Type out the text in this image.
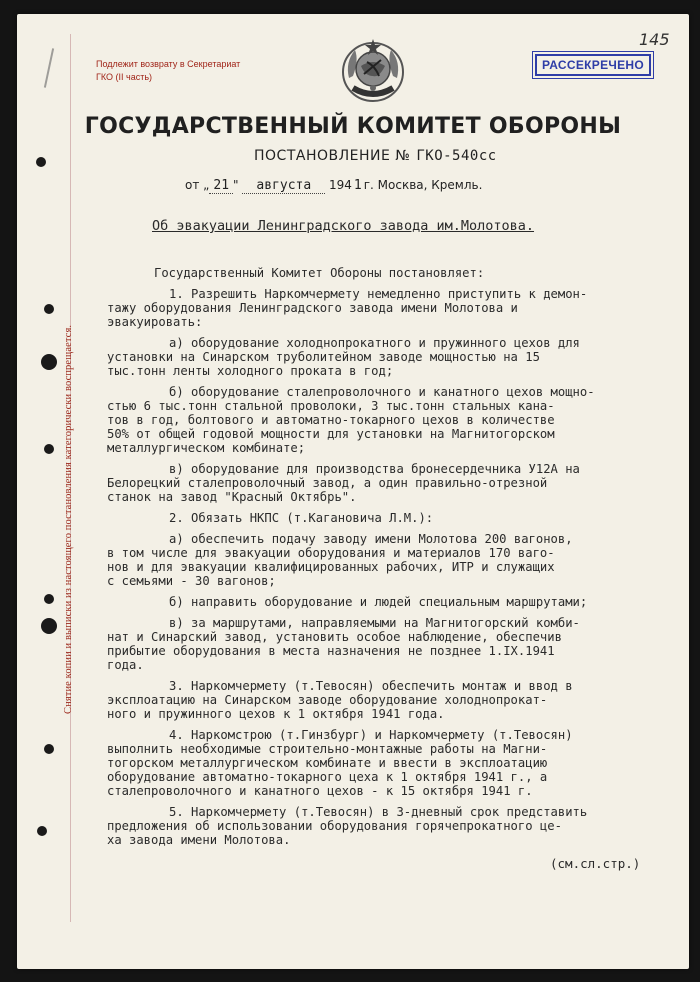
Снятие копии и выписки из настоящего постановления категорически воспрещается.
Подлежит возврату в Секретариат
ГКО (II часть)
РАССЕКРЕЧЕНО
145
ГОСУДАРСТВЕННЫЙ КОМИТЕТ ОБОРОНЫ
ПОСТАНОВЛЕНИЕ № ГКО-540сс
от „ 21 " августа 194 1 г. Москва, Кремль.
Об эвакуации Ленинградского завода им.Молотова.

Государственный Комитет Обороны постановляет:

1. Разрешить Наркомчермету немедленно приступить к демон-
тажу оборудования Ленинградского завода имени Молотова и
эвакуировать:

а) оборудование холоднопрокатного и пружинного цехов для
установки на Синарском труболитейном заводе мощностью на 15
тыс.тонн ленты холодного проката в год;

б) оборудование сталепроволочного и канатного цехов мощно-
стью 6 тыс.тонн стальной проволоки, 3 тыс.тонн стальных кана-
тов в год, болтового и автоматно-токарного цехов в количестве
50% от общей годовой мощности для установки на Магнитогорском
металлургическом комбинате;

в) оборудование для производства бронесердечника У12А на
Белорецкий сталепроволочный завод, а один правильно-отрезной
станок на завод "Красный Октябрь".

2. Обязать НКПС (т.Кагановича Л.М.):

а) обеспечить подачу заводу имени Молотова 200 вагонов,
в том числе для эвакуации оборудования и материалов 170 ваго-
нов и для эвакуации квалифицированных рабочих, ИТР и служащих
с семьями - 30 вагонов;

б) направить оборудование и людей специальным маршрутами;

в) за маршрутами, направляемыми на Магнитогорский комби-
нат и Синарский завод, установить особое наблюдение, обеспечив
прибытие оборудования в места назначения не позднее 1.IX.1941
года.

3. Наркомчермету (т.Тевосян) обеспечить монтаж и ввод в
эксплоатацию на Синарском заводе оборудование холоднопрокат-
ного и пружинного цехов к 1 октября 1941 года.

4. Наркомстрою (т.Гинзбург) и Наркомчермету (т.Тевосян)
выполнить необходимые строительно-монтажные работы на Магни-
тогорском металлургическом комбинате и ввести в эксплоатацию
оборудование автоматно-токарного цеха к 1 октября 1941 г., а
сталепроволочного и канатного цехов - к 15 октября 1941 г.

5. Наркомчермету (т.Тевосян) в 3-дневный срок представить
предложения об использовании оборудования горячепрокатного це-
ха завода имени Молотова.

(см.сл.стр.)
